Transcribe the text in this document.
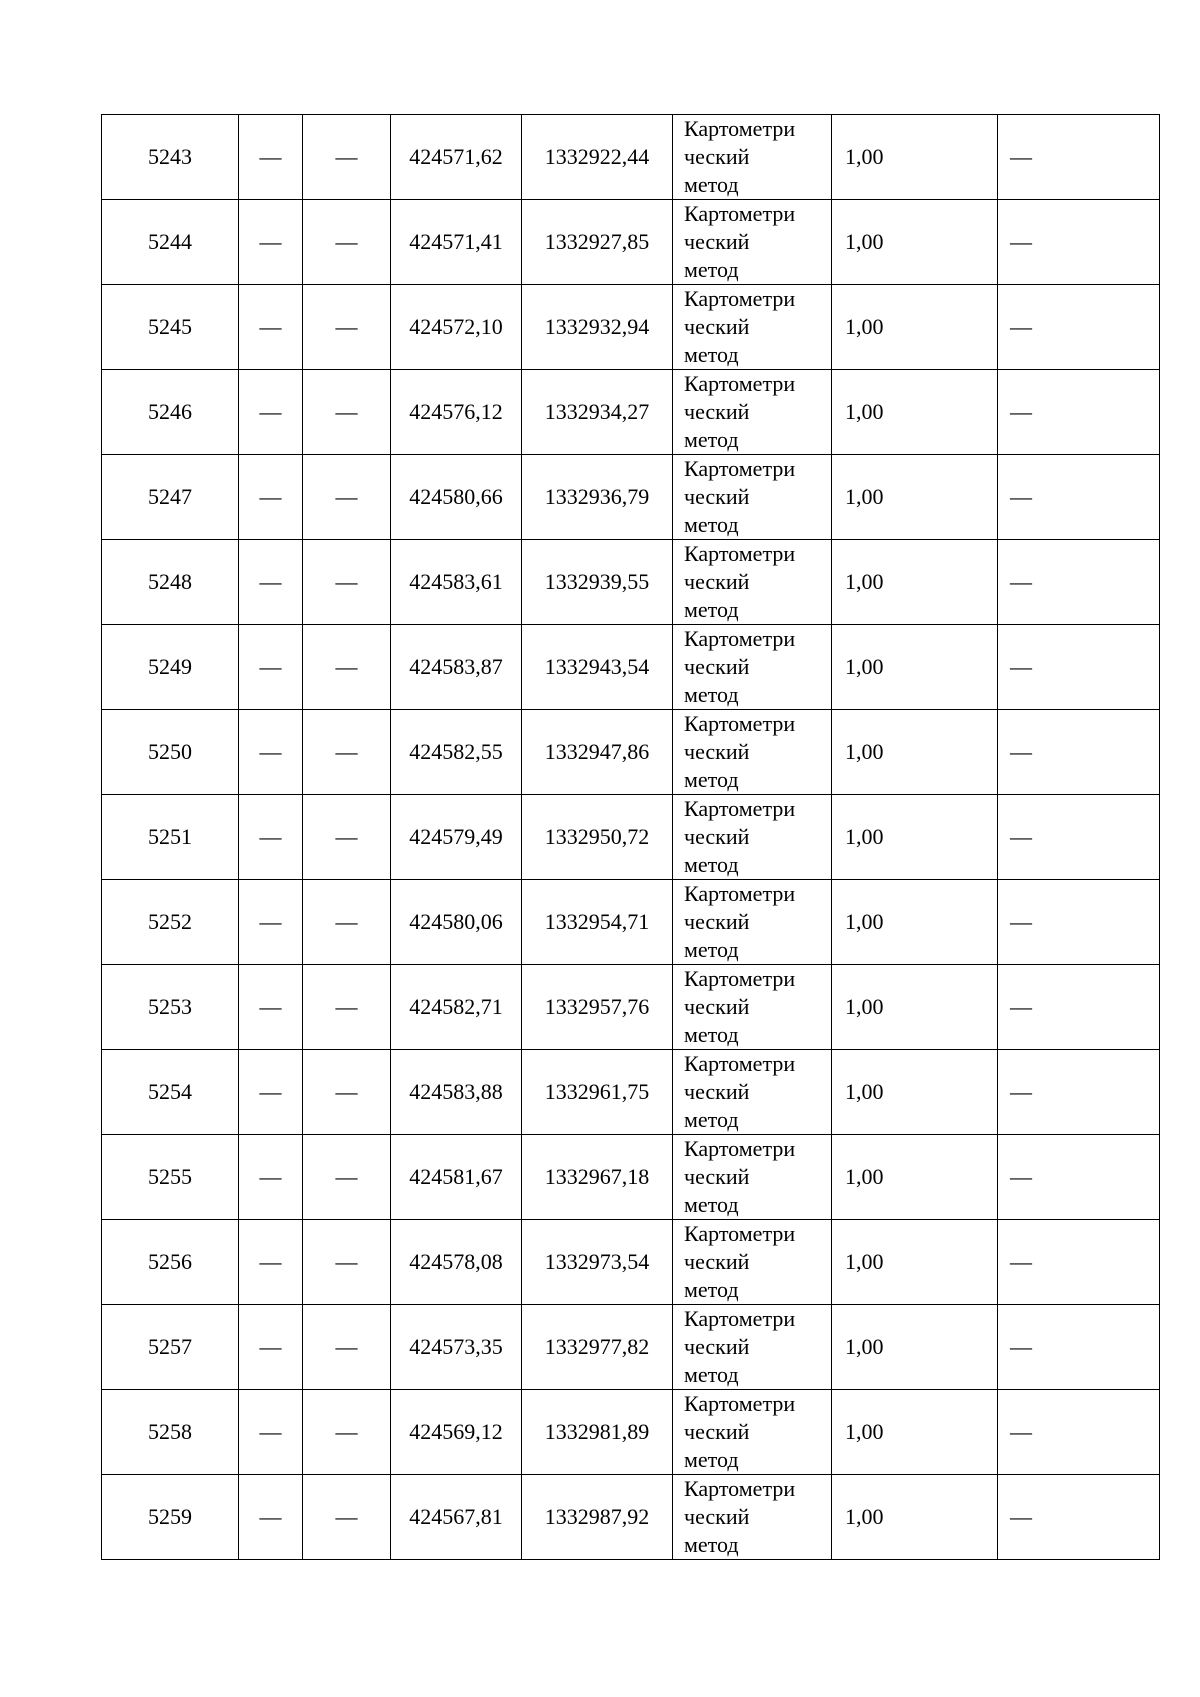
5243	—	—	424571,62	1332922,44	Картометри
ческий
метод	1,00	—
5244	—	—	424571,41	1332927,85	Картометри
ческий
метод	1,00	—
5245	—	—	424572,10	1332932,94	Картометри
ческий
метод	1,00	—
5246	—	—	424576,12	1332934,27	Картометри
ческий
метод	1,00	—
5247	—	—	424580,66	1332936,79	Картометри
ческий
метод	1,00	—
5248	—	—	424583,61	1332939,55	Картометри
ческий
метод	1,00	—
5249	—	—	424583,87	1332943,54	Картометри
ческий
метод	1,00	—
5250	—	—	424582,55	1332947,86	Картометри
ческий
метод	1,00	—
5251	—	—	424579,49	1332950,72	Картометри
ческий
метод	1,00	—
5252	—	—	424580,06	1332954,71	Картометри
ческий
метод	1,00	—
5253	—	—	424582,71	1332957,76	Картометри
ческий
метод	1,00	—
5254	—	—	424583,88	1332961,75	Картометри
ческий
метод	1,00	—
5255	—	—	424581,67	1332967,18	Картометри
ческий
метод	1,00	—
5256	—	—	424578,08	1332973,54	Картометри
ческий
метод	1,00	—
5257	—	—	424573,35	1332977,82	Картометри
ческий
метод	1,00	—
5258	—	—	424569,12	1332981,89	Картометри
ческий
метод	1,00	—
5259	—	—	424567,81	1332987,92	Картометри
ческий
метод	1,00	—
